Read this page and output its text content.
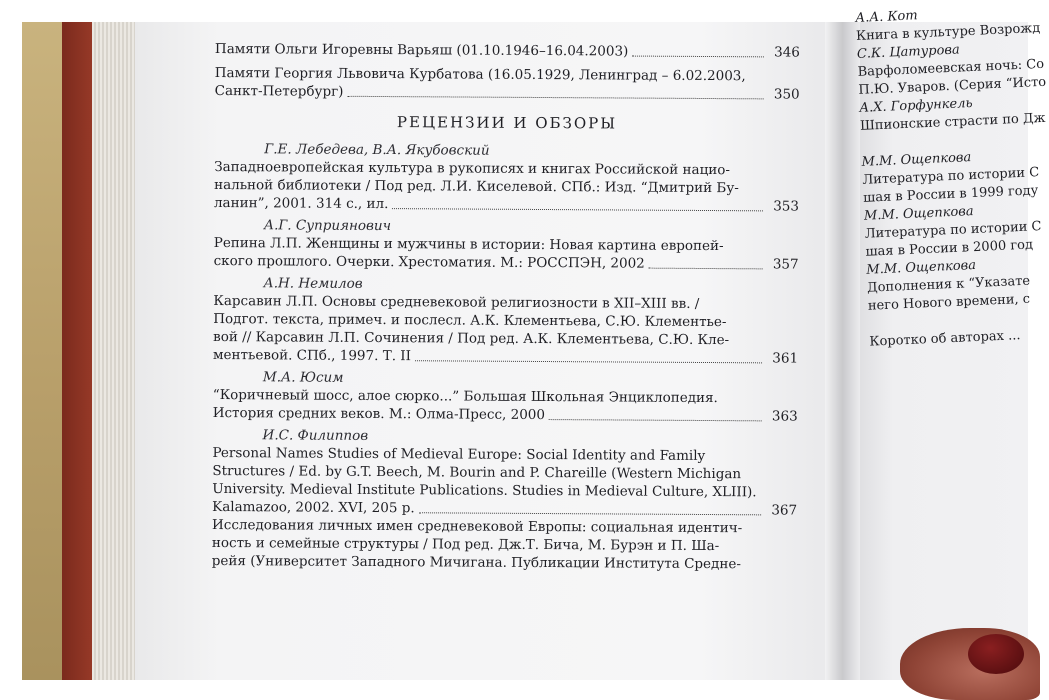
Памяти Ольги Игоревны Варьяш (01.10.1946–16.04.2003)	346
Памяти Георгия Львовича Курбатова (16.05.1929, Ленинград – 6.02.2003,
Санкт-Петербург)	350
РЕЦЕНЗИИ И ОБЗОРЫ
Г.Е. Лебедева, В.А. Якубовский
Западноевропейская культура в рукописях и книгах Российской нацио-
нальной библиотеки / Под ред. Л.И. Киселевой. СПб.: Изд. “Дмитрий Бу-
ланин”, 2001. 314 с., ил.	353
А.Г. Суприянович
Репина Л.П. Женщины и мужчины в истории: Новая картина европей-
ского прошлого. Очерки. Хрестоматия. М.: РОССПЭН, 2002	357
А.Н. Немилов
Карсавин Л.П. Основы средневековой религиозности в XII–XIII вв. /
Подгот. текста, примеч. и послесл. А.К. Клементьева, С.Ю. Клементье-
вой // Карсавин Л.П. Сочинения / Под ред. А.К. Клементьева, С.Ю. Кле-
ментьевой. СПб., 1997. Т. II	361
М.А. Юсим
“Коричневый шосс, алое сюрко...” Большая Школьная Энциклопедия.
История средних веков. М.: Олма-Пресс, 2000	363
И.С. Филиппов
Personal Names Studies of Medieval Europe: Social Identity and Family
Structures / Ed. by G.T. Beech, M. Bourin and P. Chareille (Western Michigan
University. Medieval Institute Publications. Studies in Medieval Culture, XLIII).
Kalamazoo, 2002. XVI, 205 p.	367
Исследования личных имен средневековой Европы: социальная идентич-
ность и семейные структуры / Под ред. Дж.Т. Бича, М. Бурэн и П. Ша-
рейя (Университет Западного Мичигана. Публикации Института Средне-
А.А. Кот
Книга в культуре Возрожд
С.К. Цатурова
Варфоломеевская ночь: Со
П.Ю. Уваров. (Серия “Исто
А.Х. Горфункель
Шпионские страсти по Дж
М.М. Ощепкова
Литература по истории С
шая в России в 1999 году
М.М. Ощепкова
Литература по истории С
шая в России в 2000 год
М.М. Ощепкова
Дополнения к “Указате
него Нового времени, с
Коротко об авторах ...
